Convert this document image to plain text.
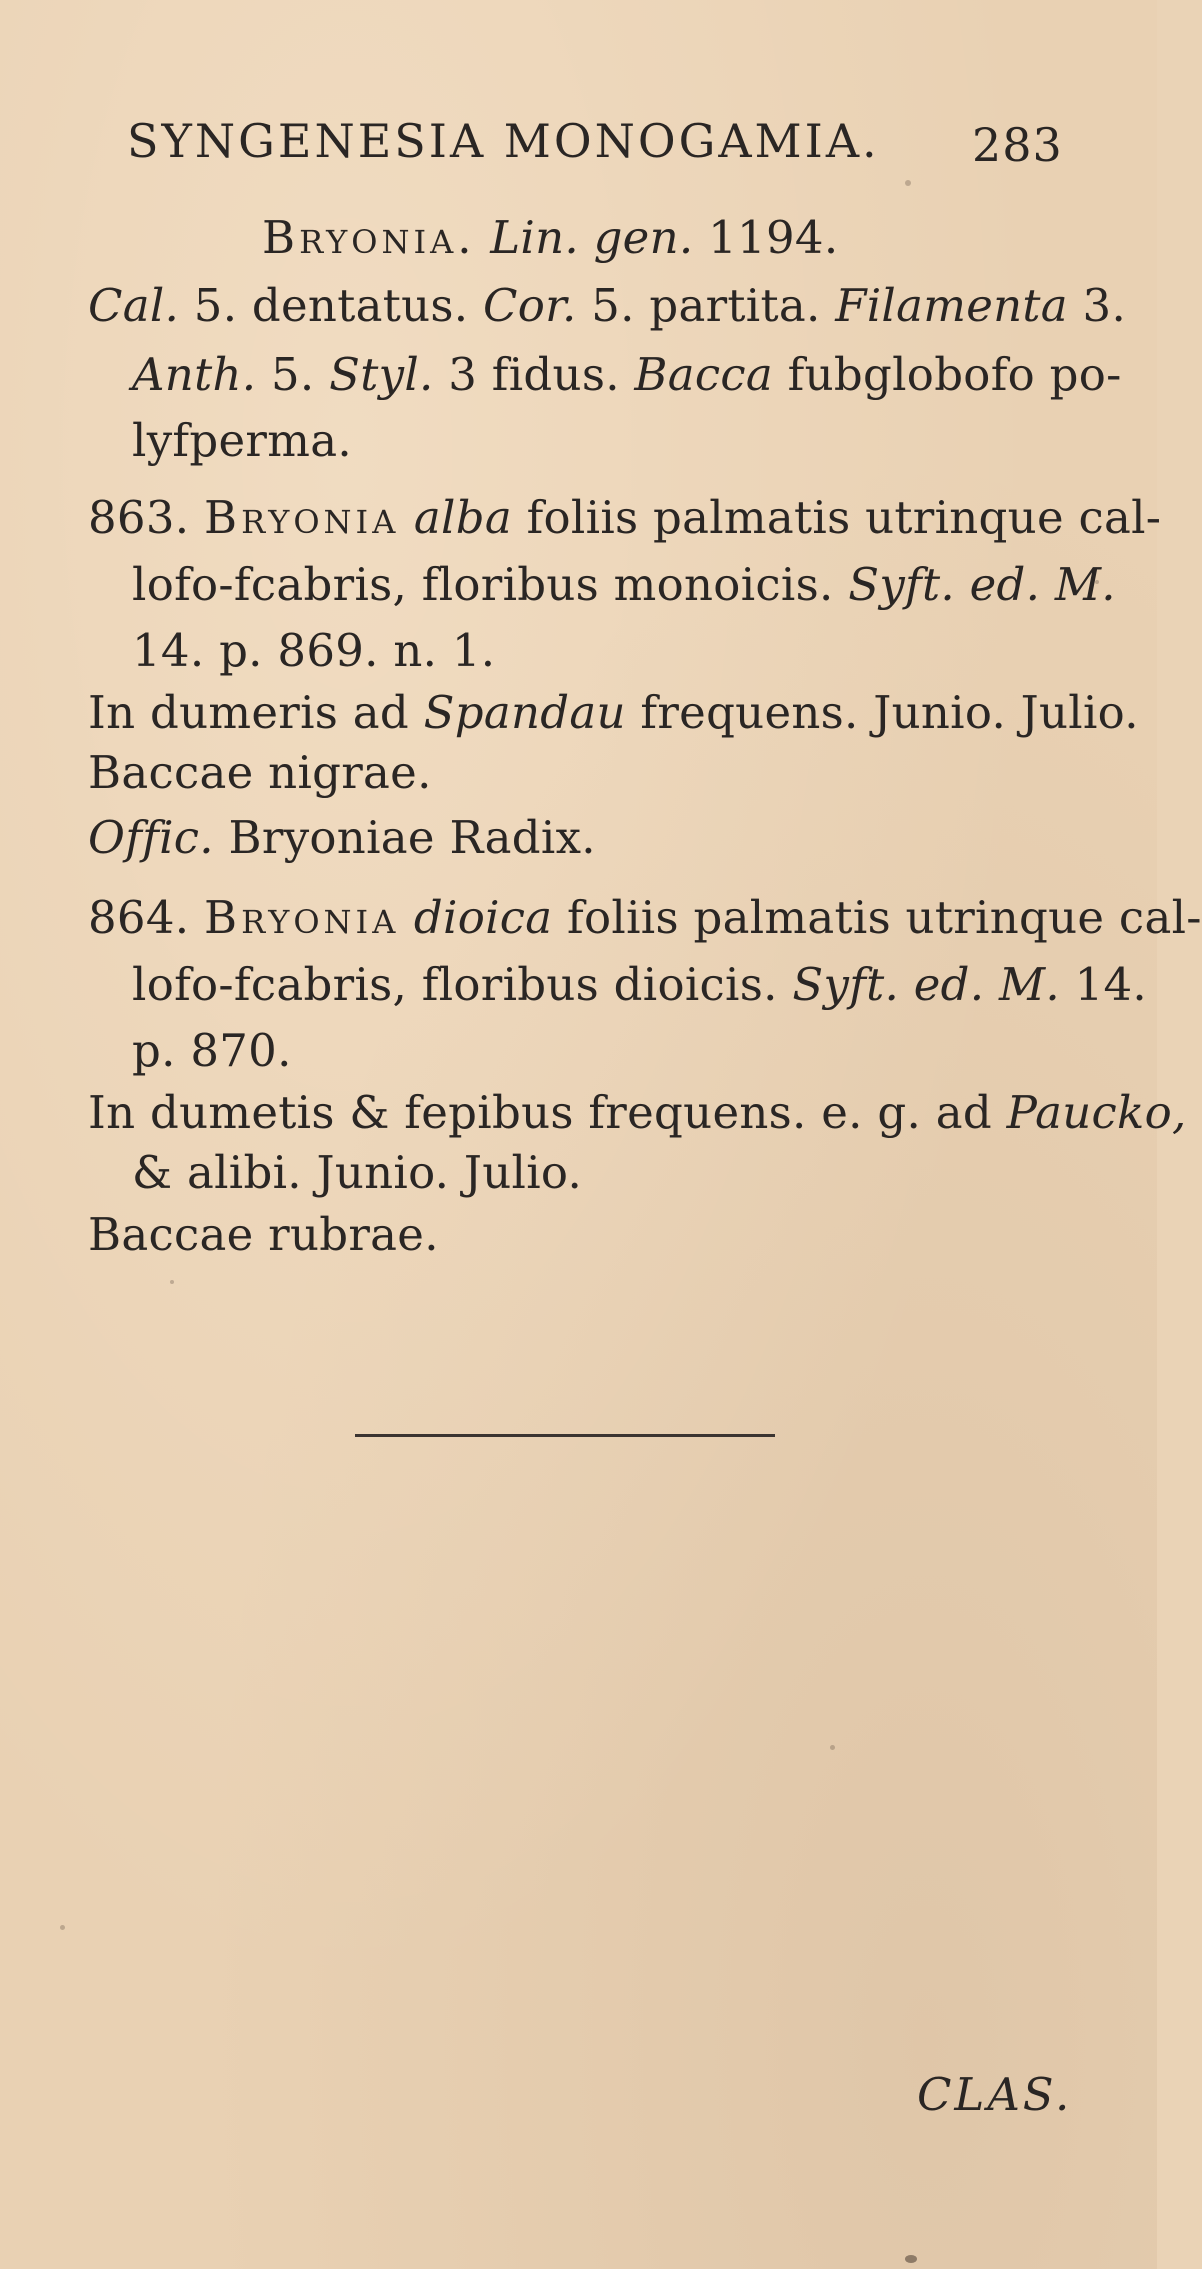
SYNGENESIA MONOGAMIA. 283
Bryonia. Lin. gen. 1194.
Cal. 5. dentatus. Cor. 5. partita. Filamenta 3.
Anth. 5. Styl. 3 fidus. Bacca fubglobofo po-
lyfperma.
863. Bryonia alba foliis palmatis utrinque cal-
lofo-fcabris, floribus monoicis. Syft. ed. M.
14. p. 869. n. 1.
In dumeris ad Spandau frequens. Junio. Julio.
Baccae nigrae.
Offic. Bryoniae Radix.
864. Bryonia dioica foliis palmatis utrinque cal-
lofo-fcabris, floribus dioicis. Syft. ed. M. 14.
p. 870.
In dumetis & fepibus frequens. e. g. ad Paucko,
& alibi. Junio. Julio.
Baccae rubrae.
CLAS.
